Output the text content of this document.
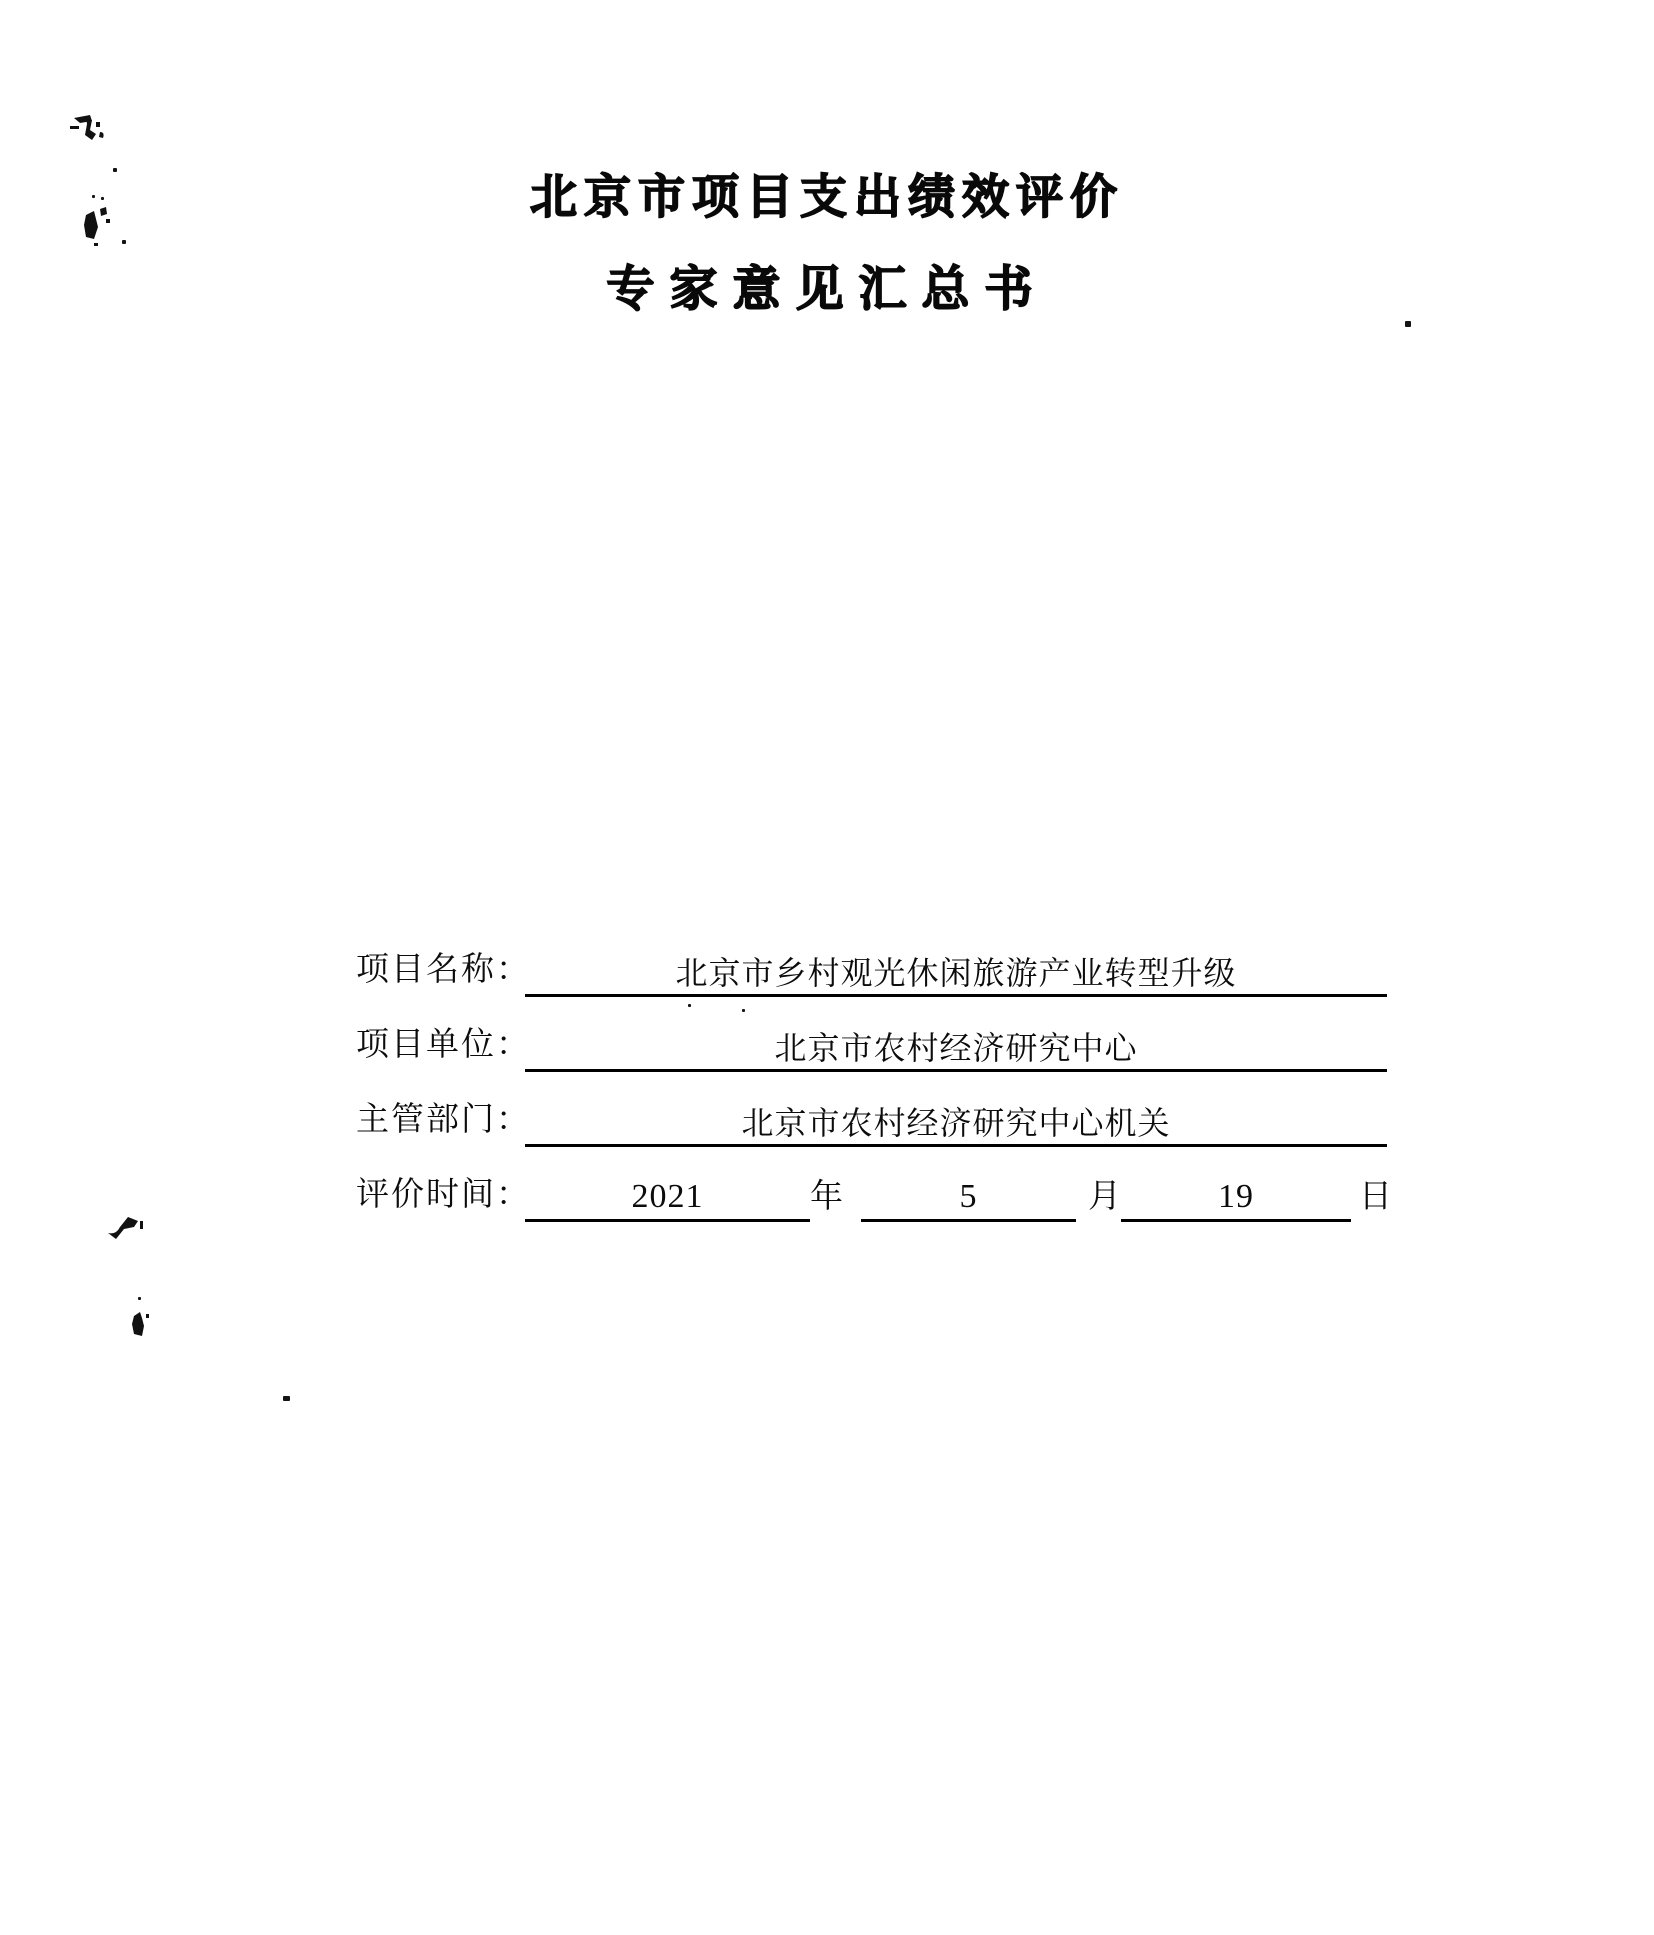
北京市项目支出绩效评价
专家意见汇总书
项目名称：	北京市乡村观光休闲旅游产业转型升级
项目单位：	北京市农村经济研究中心
主管部门：	北京市农村经济研究中心机关
评价时间：	2021	年	5	月	19	日
